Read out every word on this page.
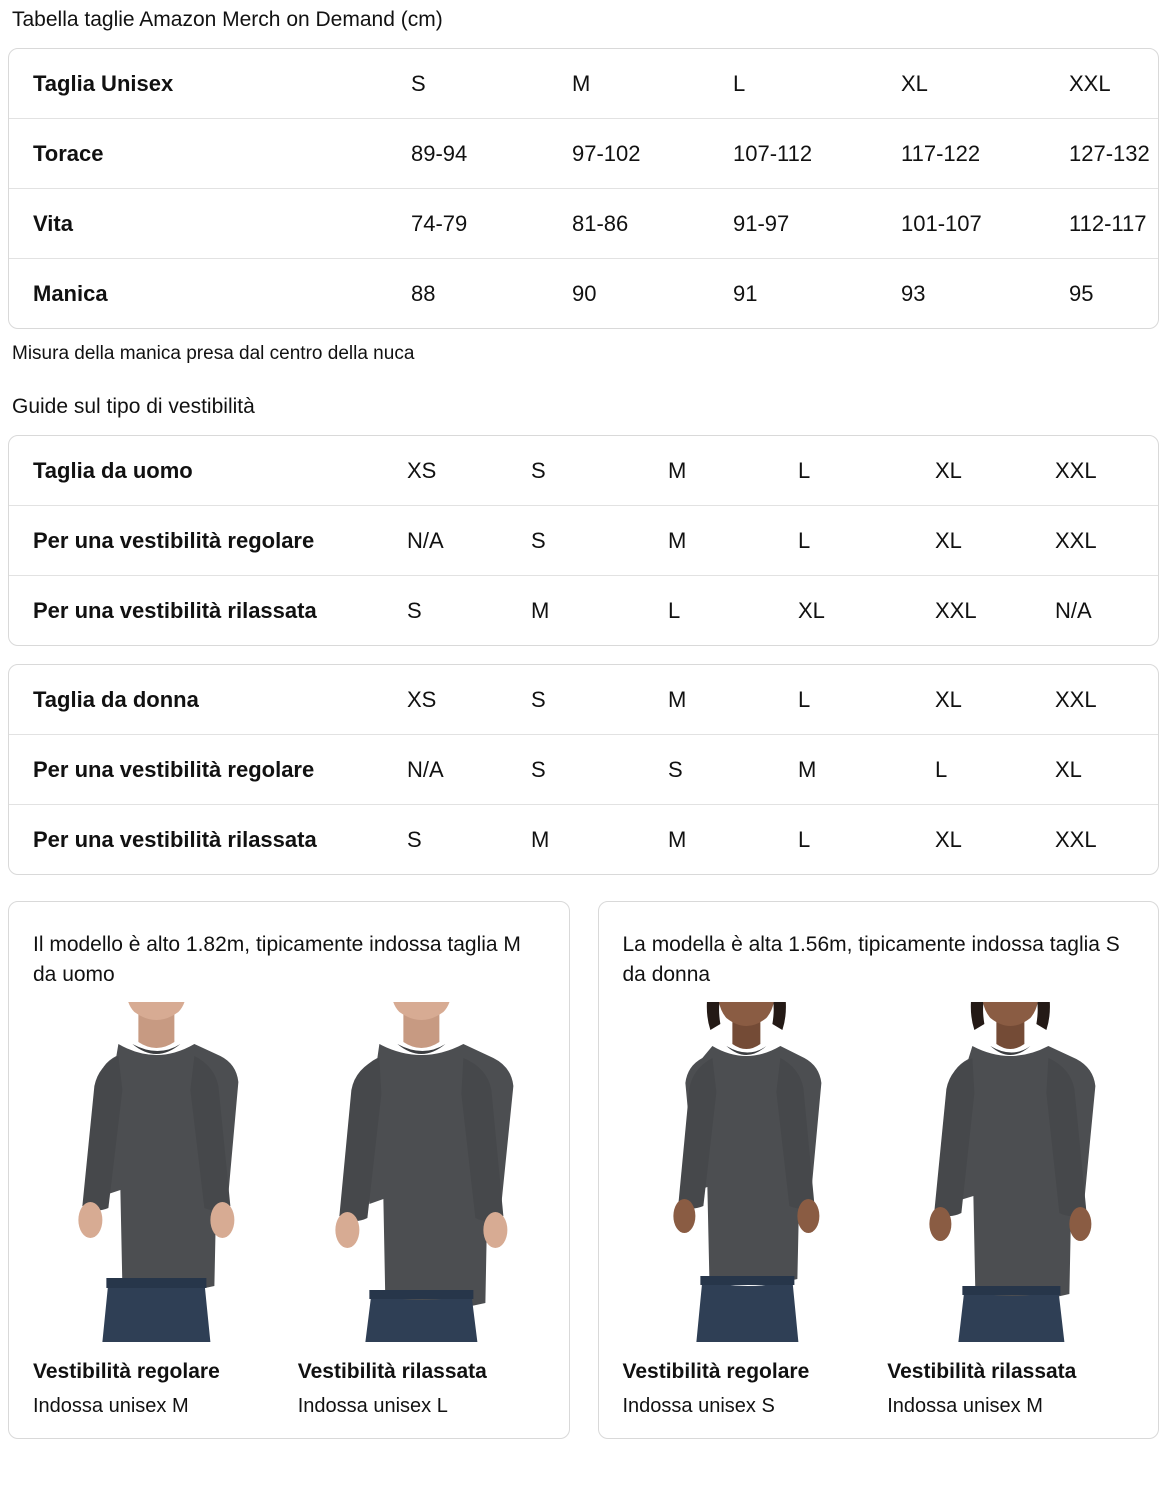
Tabella taglie Amazon Merch on Demand (cm)
Taglia Unisex	S	M	L	XL	XXL
Torace	89-94	97-102	107-112	117-122	127-132
Vita	74-79	81-86	91-97	101-107	112-117
Manica	88	90	91	93	95
Misura della manica presa dal centro della nuca
Guide sul tipo di vestibilità
Taglia da uomo	XS	S	M	L	XL	XXL
Per una vestibilità regolare	N/A	S	M	L	XL	XXL
Per una vestibilità rilassata	S	M	L	XL	XXL	N/A
Taglia da donna	XS	S	M	L	XL	XXL
Per una vestibilità regolare	N/A	S	S	M	L	XL
Per una vestibilità rilassata	S	M	M	L	XL	XXL
Il modello è alto 1.82m, tipicamente indossa taglia M da uomo
Vestibilità regolare
Indossa unisex M
Vestibilità rilassata
Indossa unisex L
La modella è alta 1.56m, tipicamente indossa taglia S da donna
Vestibilità regolare
Indossa unisex S
Vestibilità rilassata
Indossa unisex M
